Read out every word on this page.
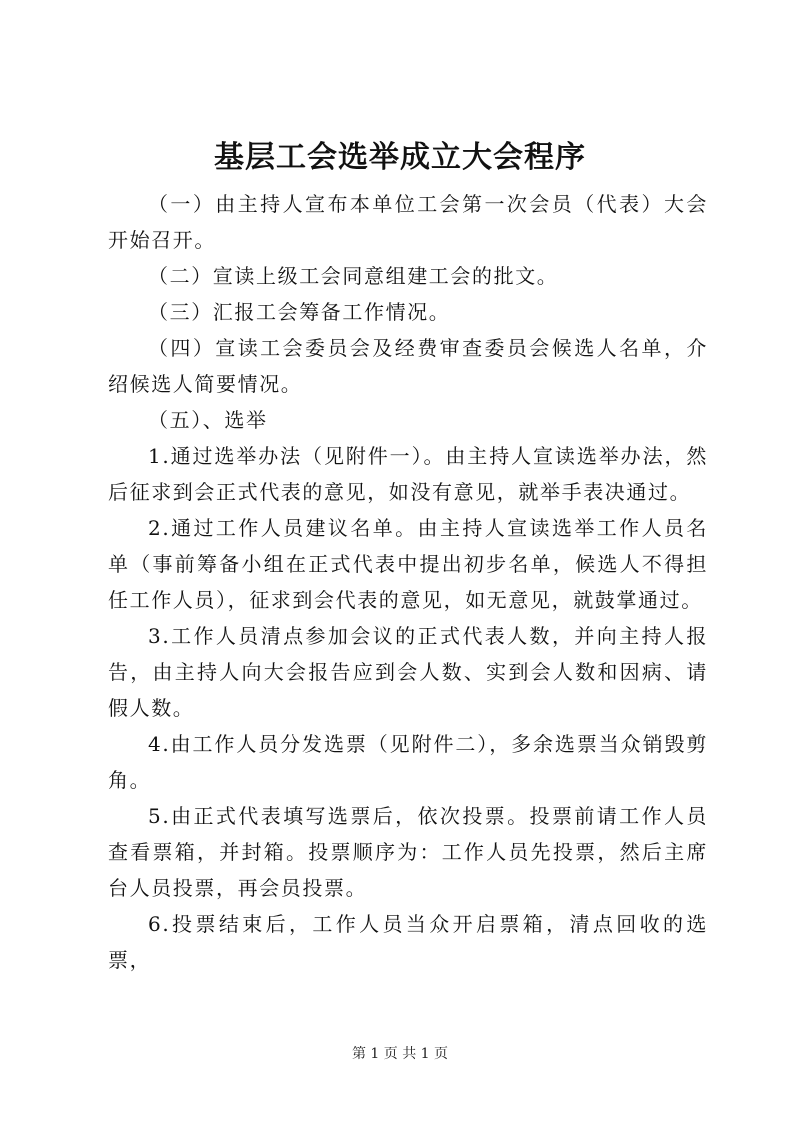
基层工会选举成立大会程序

（一）由主持人宣布本单位工会第一次会员（代表）大会开始召开。

（二）宣读上级工会同意组建工会的批文。

（三）汇报工会筹备工作情况。

（四）宣读工会委员会及经费审查委员会候选人名单，介绍候选人简要情况。

（五）、选举

1.通过选举办法（见附件一）。由主持人宣读选举办法，然后征求到会正式代表的意见，如没有意见，就举手表决通过。

2.通过工作人员建议名单。由主持人宣读选举工作人员名单（事前筹备小组在正式代表中提出初步名单，候选人不得担任工作人员），征求到会代表的意见，如无意见，就鼓掌通过。

3.工作人员清点参加会议的正式代表人数，并向主持人报告，由主持人向大会报告应到会人数、实到会人数和因病、请假人数。

4.由工作人员分发选票（见附件二），多余选票当众销毁剪角。

5.由正式代表填写选票后，依次投票。投票前请工作人员查看票箱，并封箱。投票顺序为：工作人员先投票，然后主席台人员投票，再会员投票。

6.投票结束后，工作人员当众开启票箱，清点回收的选票，

第 1 页 共 1 页
